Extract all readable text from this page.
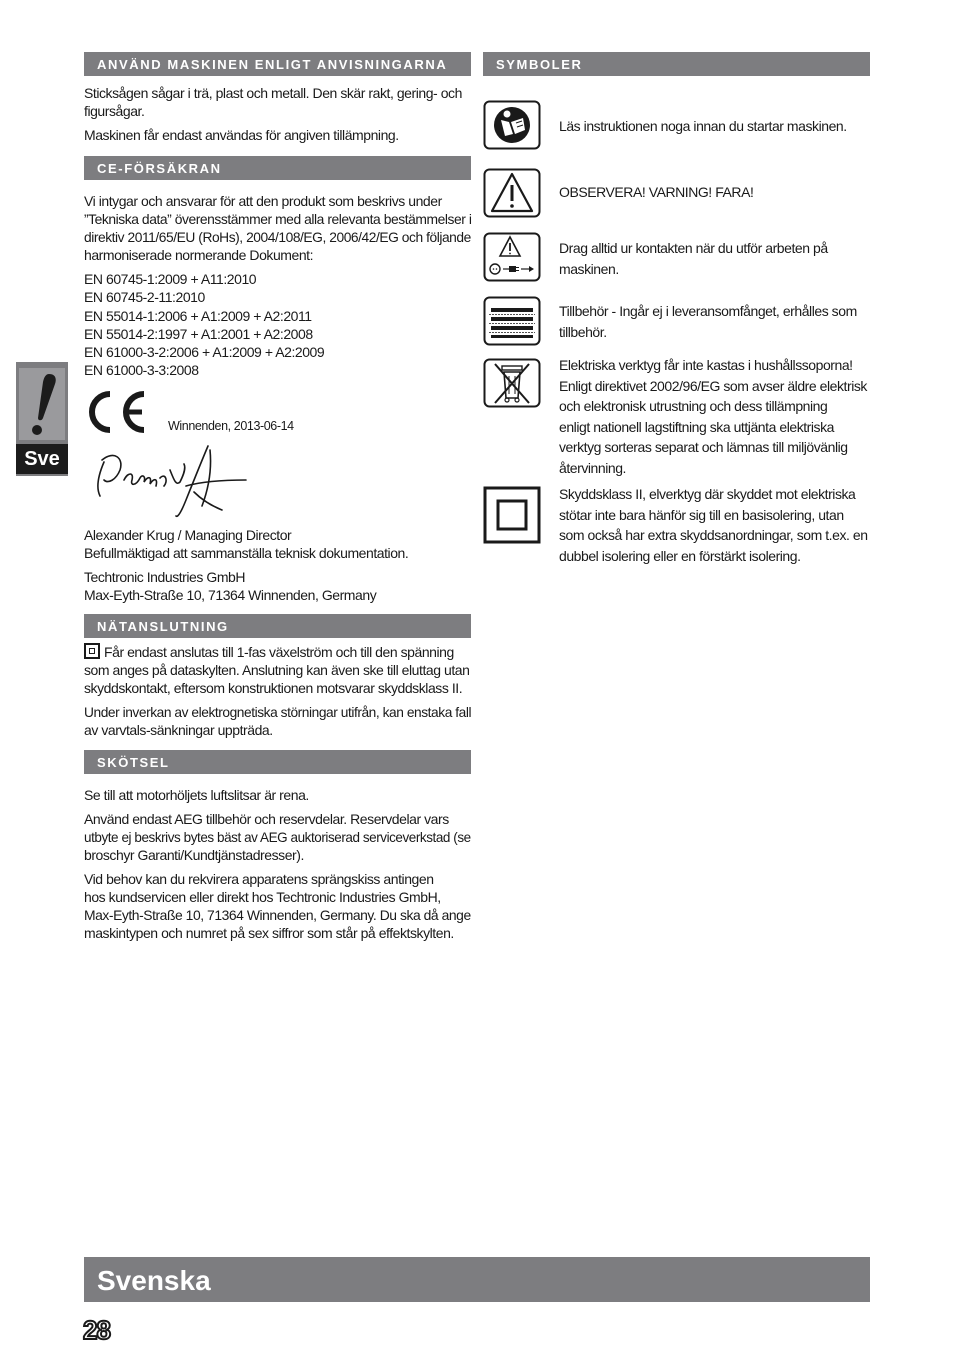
ANVÄND MASKINEN ENLIGT ANVISNINGARNA
Sticksågen sågar i trä, plast och metall. Den skär rakt, gering- och
figursågar.
Maskinen får endast användas för angiven tillämpning.
CE-FÖRSÄKRAN
Vi intygar och ansvarar för att den produkt som beskrivs under
”Tekniska data” överensstämmer med alla relevanta bestämmelser i
direktiv 2011/65/EU (RoHs), 2004/108/EG, 2006/42/EG och följande
harmoniserade normerande Dokument:
EN 60745-1:2009 + A11:2010
EN 60745-2-11:2010
EN 55014-1:2006 + A1:2009 + A2:2011
EN 55014-2:1997 + A1:2001 + A2:2008
EN 61000-3-2:2006 + A1:2009 + A2:2009
EN 61000-3-3:2008
Winnenden, 2013-06-14
Alexander Krug / Managing Director
Befullmäktigad att sammanställa teknisk dokumentation.
Techtronic Industries GmbH
Max-Eyth-Straße 10, 71364 Winnenden, Germany
NÄTANSLUTNING
Får endast anslutas till 1-fas växelström och till den spänning
som anges på dataskylten. Anslutning kan även ske till eluttag utan
skyddskontakt, eftersom konstruktionen motsvarar skyddsklass II.
Under inverkan av elektrognetiska störningar utifrån, kan enstaka fall
av varvtals-sänkningar uppträda.
SKÖTSEL
Se till att motorhöljets luftslitsar är rena.
Använd endast AEG tillbehör och reservdelar. Reservdelar vars
utbyte ej beskrivs bytes bäst av AEG auktoriserad serviceverkstad (se
broschyr Garanti/Kundtjänstadresser).
Vid behov kan du rekvirera apparatens sprängskiss antingen
hos kundservicen eller direkt hos Techtronic Industries GmbH,
Max-Eyth-Straße 10, 71364 Winnenden, Germany. Du ska då ange
maskintypen och numret på sex siffror som står på effektskylten.
SYMBOLER
Läs instruktionen noga innan du startar maskinen.
OBSERVERA! VARNING! FARA!
Drag alltid ur kontakten när du utför arbeten på
maskinen.
Tillbehör - Ingår ej i leveransomfånget, erhålles som
tillbehör.
Elektriska verktyg får inte kastas i hushållssoporna!
Enligt direktivet 2002/96/EG som avser äldre elektrisk
och elektronisk utrustning och dess tillämpning
enligt nationell lagstiftning ska uttjänta elektriska
verktyg sorteras separat och lämnas till miljövänlig
återvinning.
Skyddsklass II, elverktyg där skyddet mot elektriska
stötar inte bara hänför sig till en basisolering, utan
som också har extra skyddsanordningar, som t.ex. en
dubbel isolering eller en förstärkt isolering.
Sve
Svenska
28
